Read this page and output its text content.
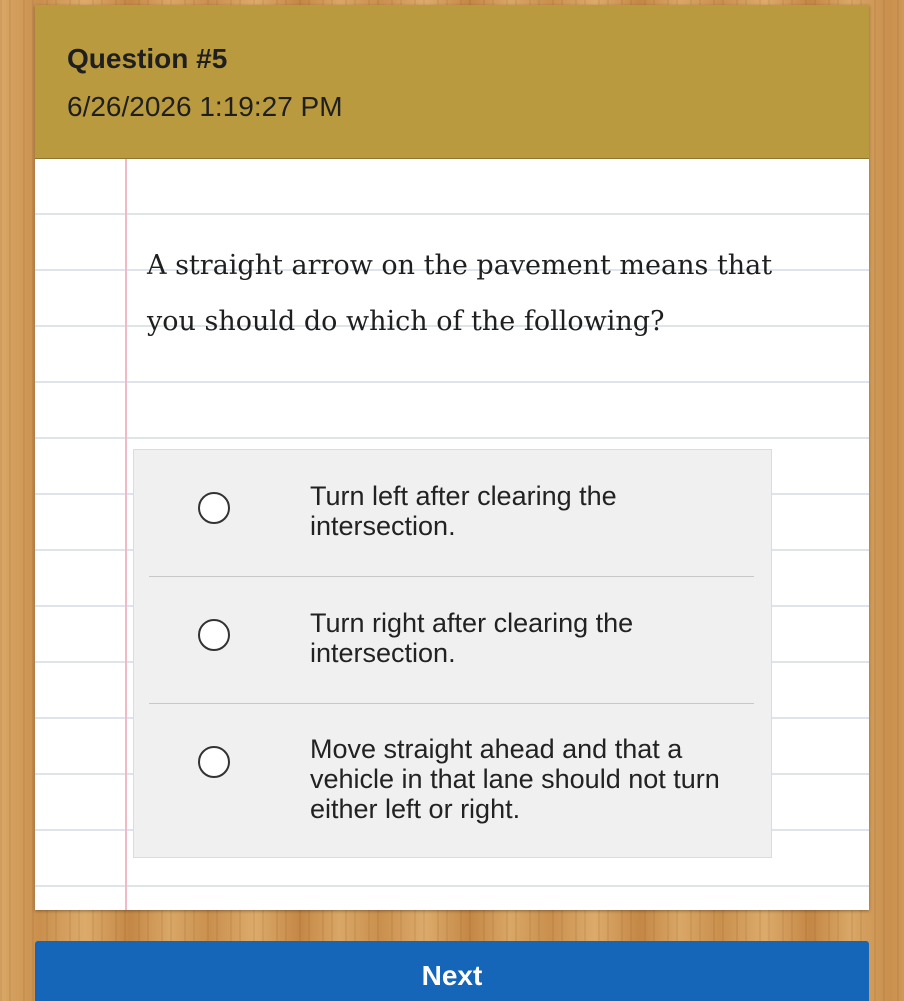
Question #5
6/26/2026 1:19:27 PM
A straight arrow on the pavement means that you should do which of the following?
Turn left after clearing the intersection.
Turn right after clearing the intersection.
Move straight ahead and that a vehicle in that lane should not turn either left or right.
Next
